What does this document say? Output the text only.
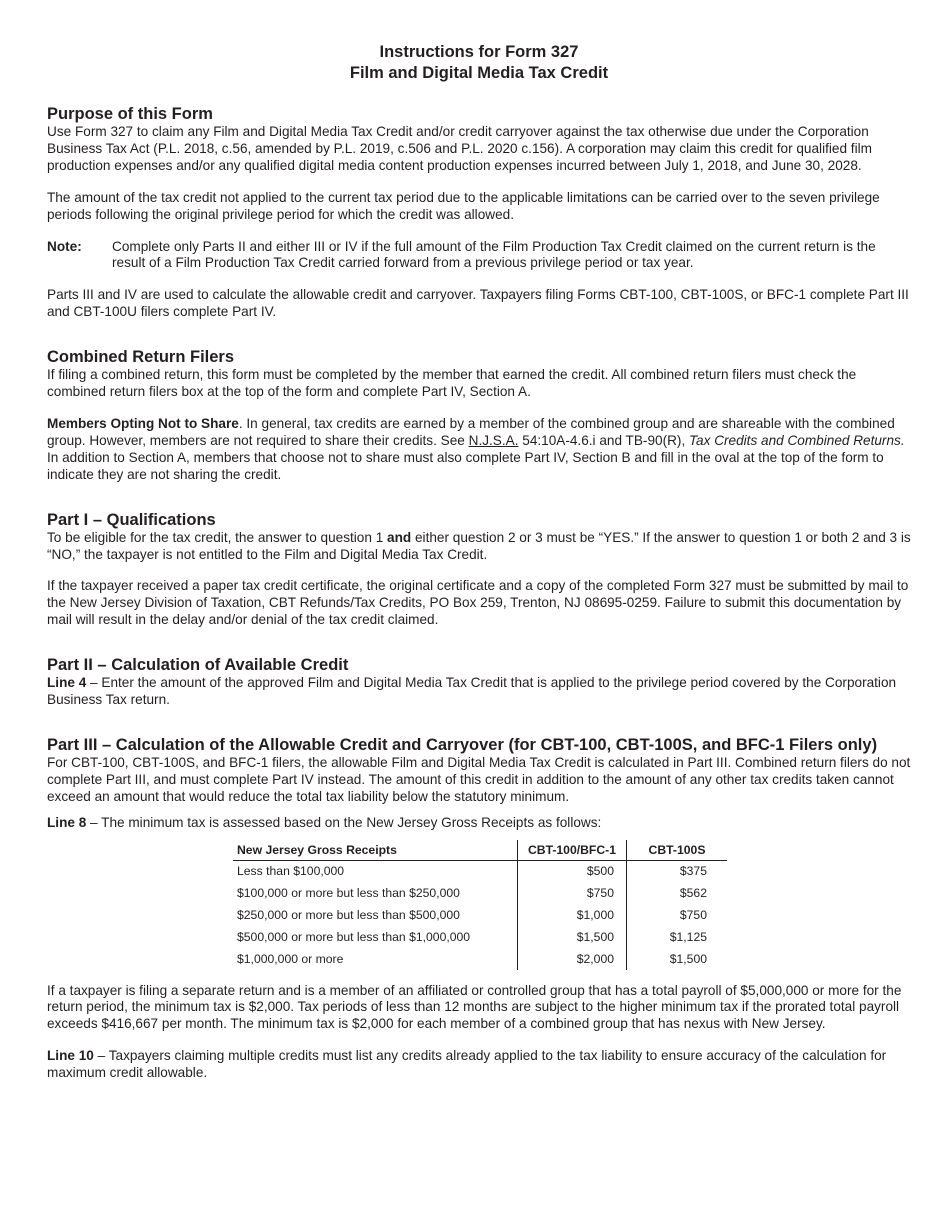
Instructions for Form 327
Film and Digital Media Tax Credit
Purpose of this Form

Use Form 327 to claim any Film and Digital Media Tax Credit and/or credit carryover against the tax otherwise due under the Corporation Business Tax Act (P.L. 2018, c.56, amended by P.L. 2019, c.506 and P.L. 2020 c.156). A corporation may claim this credit for qualified film production expenses and/or any qualified digital media content production expenses incurred between July 1, 2018, and June 30, 2028.

The amount of the tax credit not applied to the current tax period due to the applicable limitations can be carried over to the seven privilege periods following the original privilege period for which the credit was allowed.

Note:	Complete only Parts II and either III or IV if the full amount of the Film Production Tax Credit claimed on the current return is the result of a Film Production Tax Credit carried forward from a previous privilege period or tax year.

Parts III and IV are used to calculate the allowable credit and carryover. Taxpayers filing Forms CBT-100, CBT-100S, or BFC-1 complete Part III and CBT-100U filers complete Part IV.

Combined Return Filers

If filing a combined return, this form must be completed by the member that earned the credit. All combined return filers must check the combined return filers box at the top of the form and complete Part IV, Section A.

Members Opting Not to Share. In general, tax credits are earned by a member of the combined group and are shareable with the combined group. However, members are not required to share their credits. See N.J.S.A. 54:10A-4.6.i and TB-90(R), Tax Credits and Combined Returns. In addition to Section A, members that choose not to share must also complete Part IV, Section B and fill in the oval at the top of the form to indicate they are not sharing the credit.

Part I – Qualifications

To be eligible for the tax credit, the answer to question 1 and either question 2 or 3 must be “YES.” If the answer to question 1 or both 2 and 3 is “NO,” the taxpayer is not entitled to the Film and Digital Media Tax Credit.

If the taxpayer received a paper tax credit certificate, the original certificate and a copy of the completed Form 327 must be submitted by mail to the New Jersey Division of Taxation, CBT Refunds/Tax Credits, PO Box 259, Trenton, NJ 08695-0259. Failure to submit this documentation by mail will result in the delay and/or denial of the tax credit claimed.

Part II – Calculation of Available Credit

Line 4 – Enter the amount of the approved Film and Digital Media Tax Credit that is applied to the privilege period covered by the Corporation Business Tax return.

Part III – Calculation of the Allowable Credit and Carryover (for CBT-100, CBT-100S, and BFC-1 Filers only)

For CBT-100, CBT-100S, and BFC-1 filers, the allowable Film and Digital Media Tax Credit is calculated in Part III. Combined return filers do not complete Part III, and must complete Part IV instead. The amount of this credit in addition to the amount of any other tax credits taken cannot exceed an amount that would reduce the total tax liability below the statutory minimum.

Line 8 – The minimum tax is assessed based on the New Jersey Gross Receipts as follows:

New Jersey Gross Receipts	CBT-100/BFC-1	CBT-100S
Less than $100,000	$500	$375
$100,000 or more but less than $250,000	$750	$562
$250,000 or more but less than $500,000	$1,000	$750
$500,000 or more but less than $1,000,000	$1,500	$1,125
$1,000,000 or more	$2,000	$1,500

If a taxpayer is filing a separate return and is a member of an affiliated or controlled group that has a total payroll of $5,000,000 or more for the return period, the minimum tax is $2,000. Tax periods of less than 12 months are subject to the higher minimum tax if the prorated total payroll exceeds $416,667 per month. The minimum tax is $2,000 for each member of a combined group that has nexus with New Jersey.

Line 10 – Taxpayers claiming multiple credits must list any credits already applied to the tax liability to ensure accuracy of the calculation for maximum credit allowable.
